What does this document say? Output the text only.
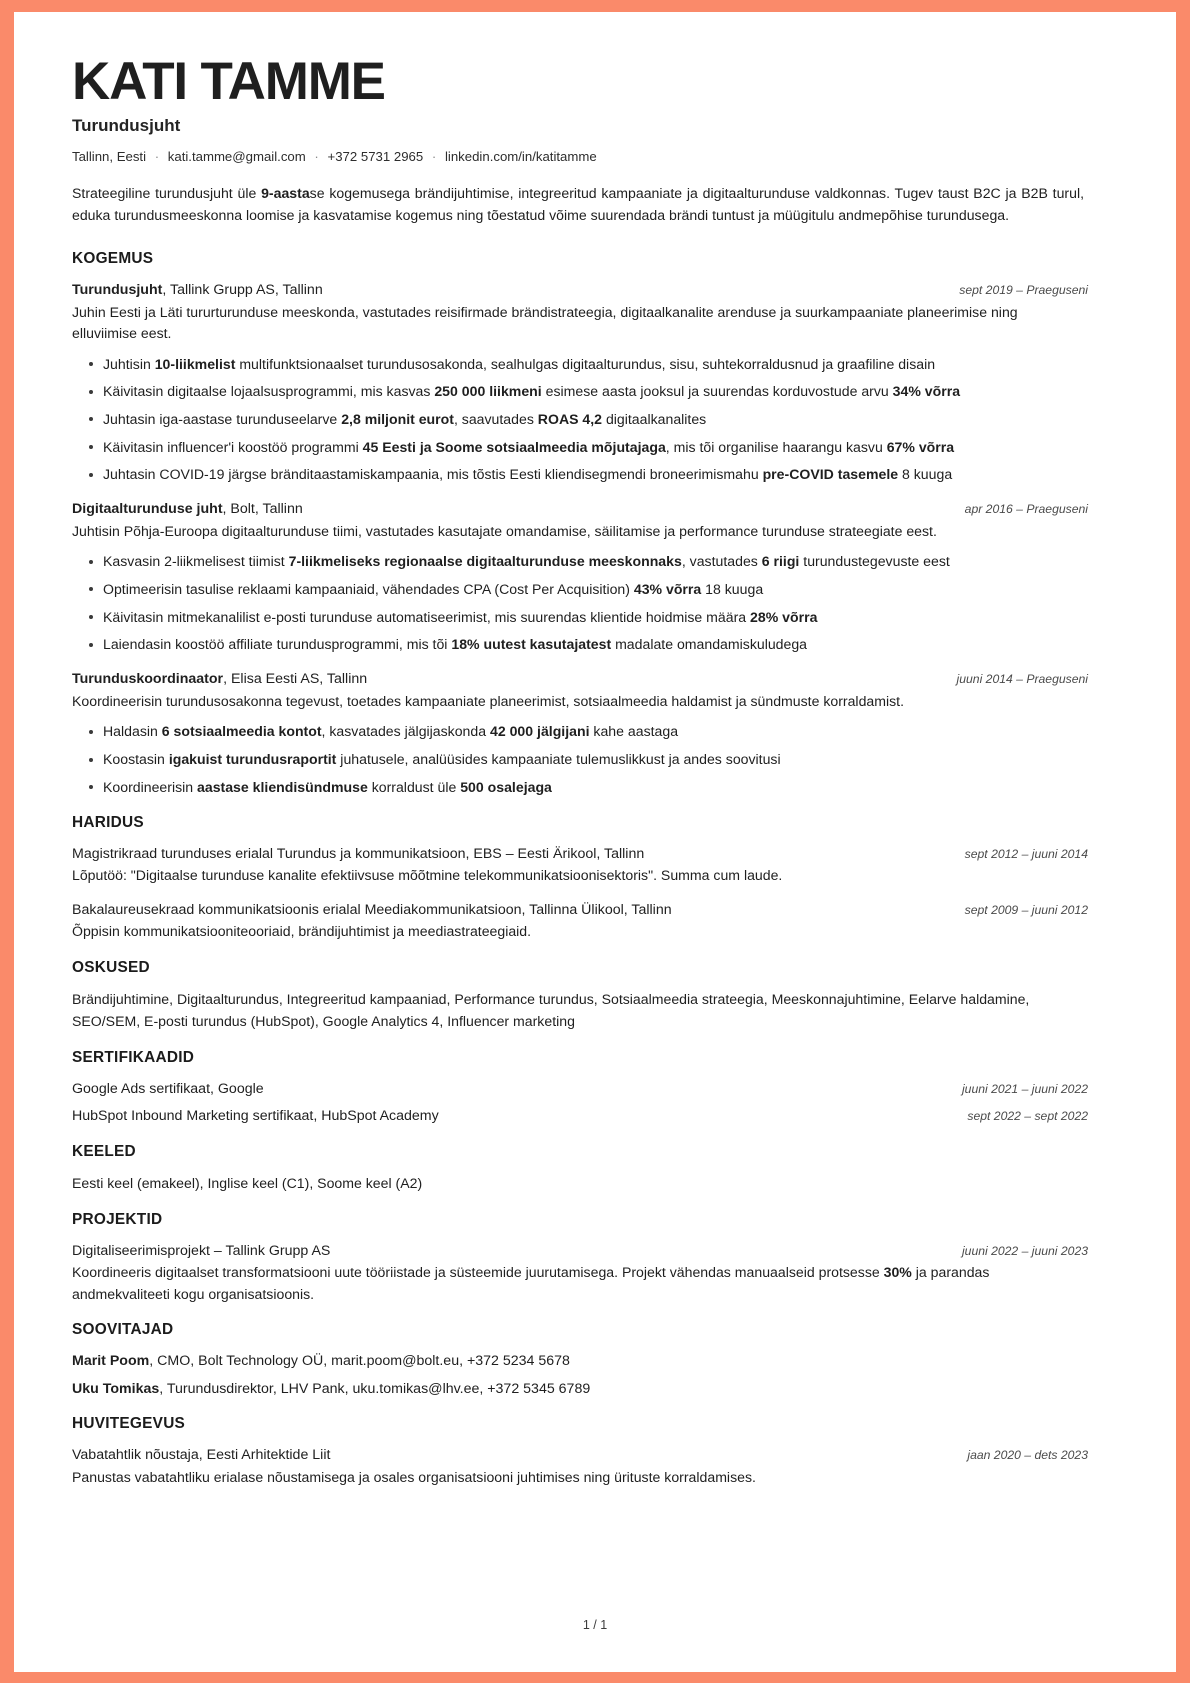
KATI TAMME
Turundusjuht
Tallinn, Eesti · kati.tamme@gmail.com · +372 5731 2965 · linkedin.com/in/katitamme
Strateegiline turundusjuht üle 9-aastase kogemusega brändijuhtimise, integreeritud kampaaniate ja digitaalturunduse valdkonnas. Tugev taust B2C ja B2B turul, eduka turundusmeeskonna loomise ja kasvatamise kogemus ning tõestatud võime suurendada brändi tuntust ja müügitulu andmepõhise turundusega.
KOGEMUS
Turundusjuht, Tallink Grupp AS, Tallinn	sept 2019 – Praeguseni
Juhin Eesti ja Läti tururturunduse meeskonda, vastutades reisifirmade brändistrateegia, digitaalkanalite arenduse ja suurkampaaniate planeerimise ning elluviimise eest.
Juhtisin 10-liikmelist multifunktsionaalset turundusosakonda, sealhulgas digitaalturundus, sisu, suhtekorraldusnud ja graafiline disain
Käivitasin digitaalse lojaalsusprogrammi, mis kasvas 250 000 liikmeni esimese aasta jooksul ja suurendas korduvostude arvu 34% võrra
Juhtasin iga-aastase turunduseelarve 2,8 miljonit eurot, saavutades ROAS 4,2 digitaalkanalites
Käivitasin influencer'i koostöö programmi 45 Eesti ja Soome sotsiaalmeedia mõjutajaga, mis tõi organilise haarangu kasvu 67% võrra
Juhtasin COVID-19 järgse bränditaastamiskampaania, mis tõstis Eesti kliendisegmendi broneerimismahu pre-COVID tasemele 8 kuuga
Digitaalturunduse juht, Bolt, Tallinn	apr 2016 – Praeguseni
Juhtisin Põhja-Euroopa digitaalturunduse tiimi, vastutades kasutajate omandamise, säilitamise ja performance turunduse strateegiate eest.
Kasvasin 2-liikmelisest tiimist 7-liikmeliseks regionaalse digitaalturunduse meeskonnaks, vastutades 6 riigi turundustegevuste eest
Optimeerisin tasulise reklaami kampaaniaid, vähendades CPA (Cost Per Acquisition) 43% võrra 18 kuuga
Käivitasin mitmekanalilist e-posti turunduse automatiseerimist, mis suurendas klientide hoidmise määra 28% võrra
Laiendasin koostöö affiliate turundusprogrammi, mis tõi 18% uutest kasutajatest madalate omandamiskuludega
Turunduskoordinaator, Elisa Eesti AS, Tallinn	juuni 2014 – Praeguseni
Koordineerisin turundusosakonna tegevust, toetades kampaaniate planeerimist, sotsiaalmeedia haldamist ja sündmuste korraldamist.
Haldasin 6 sotsiaalmeedia kontot, kasvatades jälgijaskonda 42 000 jälgijani kahe aastaga
Koostasin igakuist turundusraportit juhatusele, analüüsides kampaaniate tulemuslikkust ja andes soovitusi
Koordineerisin aastase kliendisündmuse korraldust üle 500 osalejaga
HARIDUS
Magistrikraad turunduses erialal Turundus ja kommunikatsioon, EBS – Eesti Ärikool, Tallinn	sept 2012 – juuni 2014
Lõputöö: "Digitaalse turunduse kanalite efektiivsuse mõõtmine telekommunikatsioonisektoris". Summa cum laude.
Bakalaureusekraad kommunikatsioonis erialal Meediakommunikatsioon, Tallinna Ülikool, Tallinn	sept 2009 – juuni 2012
Õppisin kommunikatsiooniteooriaid, brändijuhtimist ja meediastrateegiaid.
OSKUSED
Brändijuhtimine, Digitaalturundus, Integreeritud kampaaniad, Performance turundus, Sotsiaalmeedia strateegia, Meeskonnajuhtimine, Eelarve haldamine, SEO/SEM, E-posti turundus (HubSpot), Google Analytics 4, Influencer marketing
SERTIFIKAADID
Google Ads sertifikaat, Google	juuni 2021 – juuni 2022
HubSpot Inbound Marketing sertifikaat, HubSpot Academy	sept 2022 – sept 2022
KEELED
Eesti keel (emakeel), Inglise keel (C1), Soome keel (A2)
PROJEKTID
Digitaliseerimisprojekt – Tallink Grupp AS	juuni 2022 – juuni 2023
Koordineeris digitaalset transformatsiooni uute tööriistade ja süsteemide juurutamisega. Projekt vähendas manuaalseid protsesse 30% ja parandas andmekvaliteeti kogu organisatsioonis.
SOOVITAJAD
Marit Poom, CMO, Bolt Technology OÜ, marit.poom@bolt.eu, +372 5234 5678
Uku Tomikas, Turundusdirektor, LHV Pank, uku.tomikas@lhv.ee, +372 5345 6789
HUVITEGEVUS
Vabatahtlik nõustaja, Eesti Arhitektide Liit	jaan 2020 – dets 2023
Panustas vabatahtliku erialase nõustamisega ja osales organisatsiooni juhtimises ning ürituste korraldamises.
1 / 1
